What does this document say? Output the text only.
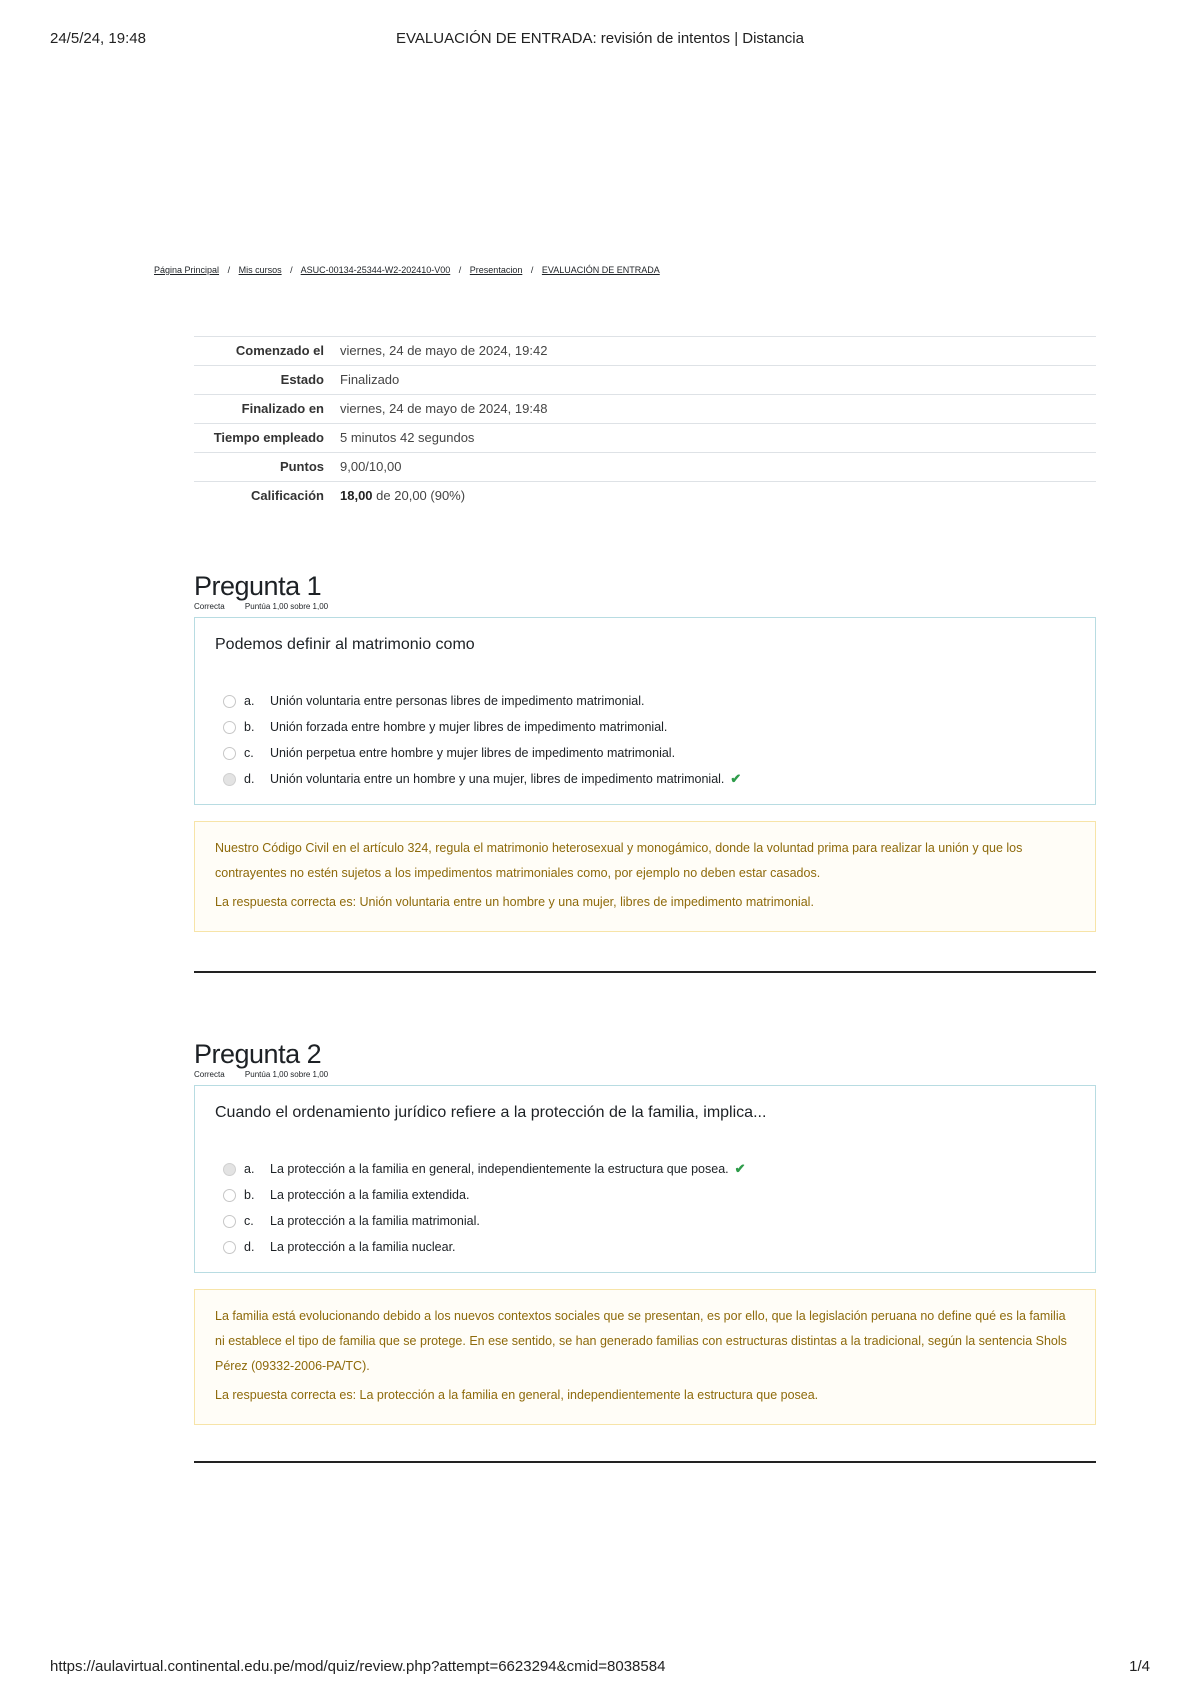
24/5/24, 19:48	EVALUACIÓN DE ENTRADA: revisión de intentos | Distancia
Página Principal / Mis cursos / ASUC-00134-25344-W2-202410-V00 / Presentacion / EVALUACIÓN DE ENTRADA
Comenzado el	viernes, 24 de mayo de 2024, 19:42
Estado	Finalizado
Finalizado en	viernes, 24 de mayo de 2024, 19:48
Tiempo empleado	5 minutos 42 segundos
Puntos	9,00/10,00
Calificación	18,00 de 20,00 (90%)
Pregunta 1
Correcta	Puntúa 1,00 sobre 1,00
Podemos definir al matrimonio como
a.	Unión voluntaria entre personas libres de impedimento matrimonial.
b.	Unión forzada entre hombre y mujer libres de impedimento matrimonial.
c.	Unión perpetua entre hombre y mujer libres de impedimento matrimonial.
d.	Unión voluntaria entre un hombre y una mujer, libres de impedimento matrimonial. ✔

Nuestro Código Civil en el artículo 324, regula el matrimonio heterosexual y monogámico, donde la voluntad prima para realizar la unión y que los contrayentes no estén sujetos a los impedimentos matrimoniales como, por ejemplo no deben estar casados.

La respuesta correcta es: Unión voluntaria entre un hombre y una mujer, libres de impedimento matrimonial.

Pregunta 2
Correcta	Puntúa 1,00 sobre 1,00
Cuando el ordenamiento jurídico refiere a la protección de la familia, implica...
a.	La protección a la familia en general, independientemente la estructura que posea. ✔
b.	La protección a la familia extendida.
c.	La protección a la familia matrimonial.
d.	La protección a la familia nuclear.

La familia está evolucionando debido a los nuevos contextos sociales que se presentan, es por ello, que la legislación peruana no define qué es la familia ni establece el tipo de familia que se protege. En ese sentido, se han generado familias con estructuras distintas a la tradicional, según la sentencia Shols Pérez (09332-2006-PA/TC).

La respuesta correcta es: La protección a la familia en general, independientemente la estructura que posea.

https://aulavirtual.continental.edu.pe/mod/quiz/review.php?attempt=6623294&cmid=8038584	1/4
